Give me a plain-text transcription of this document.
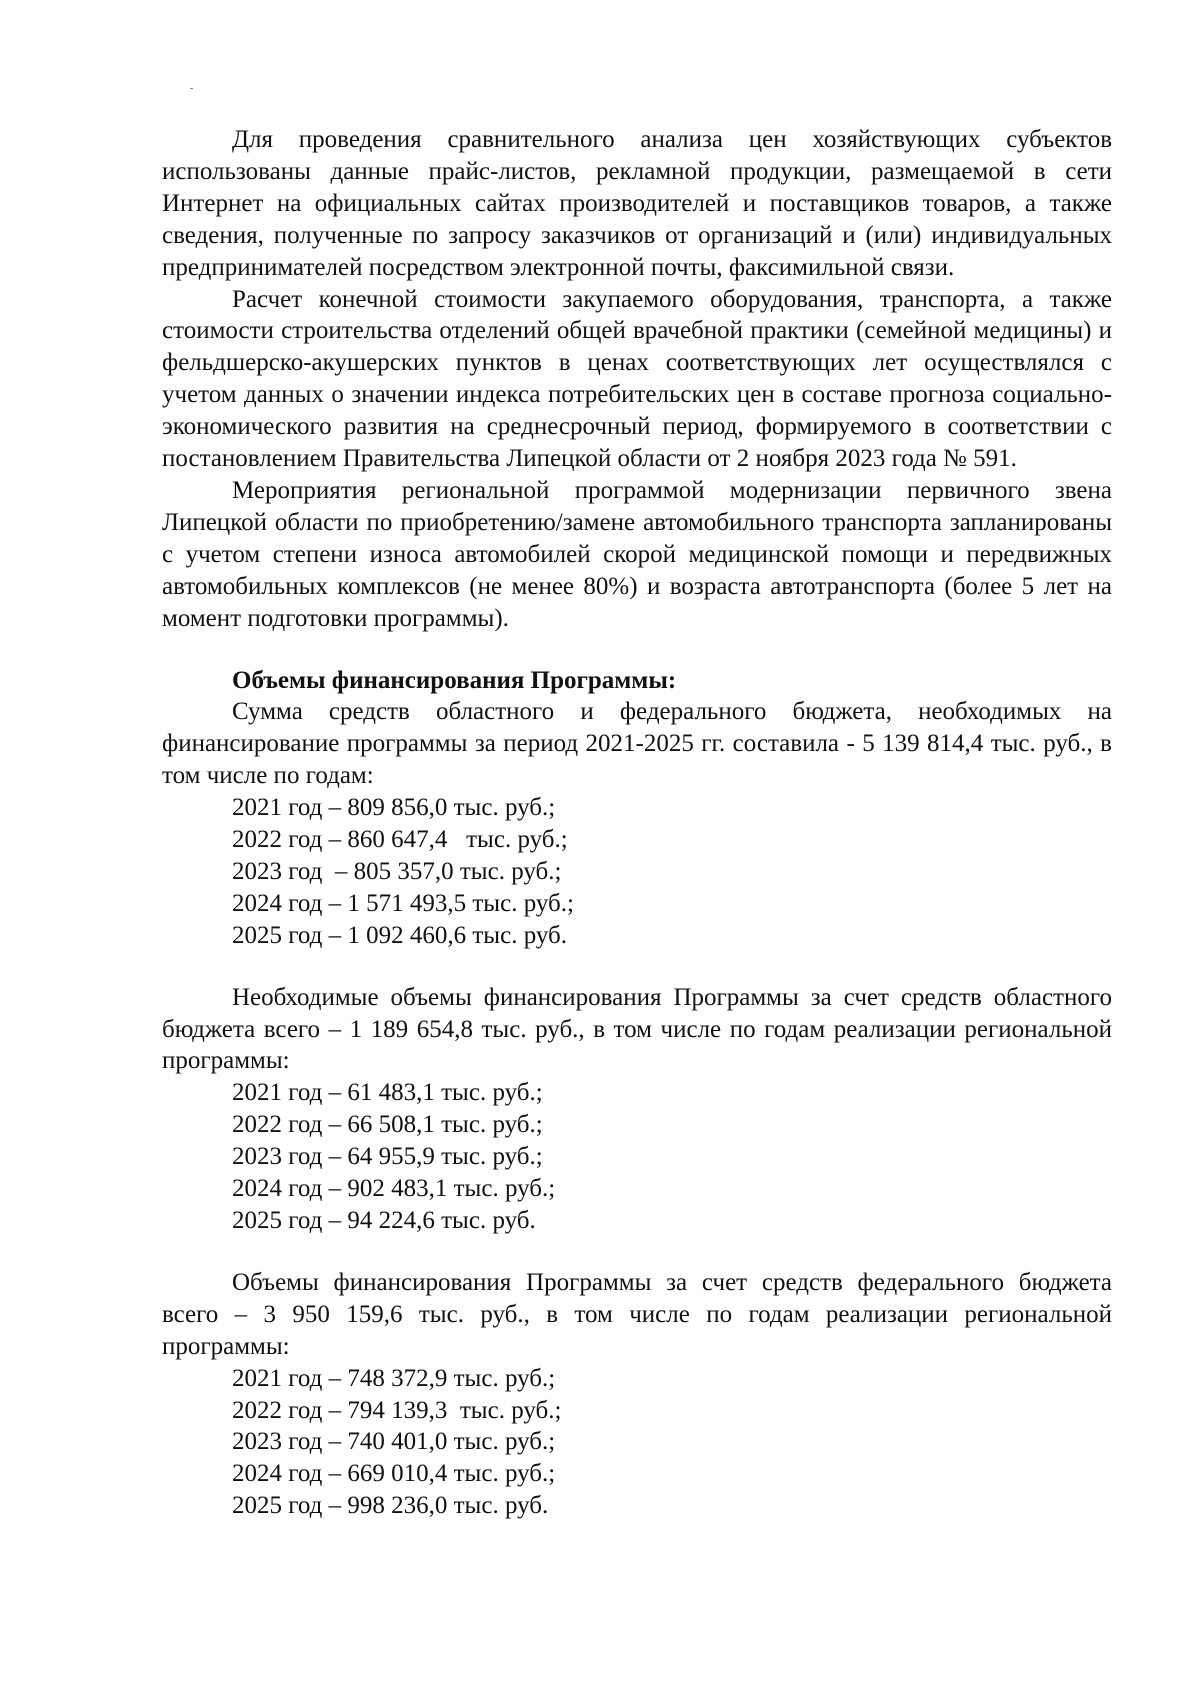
Для проведения сравнительного анализа цен хозяйствующих субъектов использованы данные прайс-листов, рекламной продукции, размещаемой в сети Интернет на официальных сайтах производителей и поставщиков товаров, а также сведения, полученные по запросу заказчиков от организаций и (или) индивидуальных предпринимателей посредством электронной почты, факсимильной связи.

Расчет конечной стоимости закупаемого оборудования, транспорта, а также стоимости строительства отделений общей врачебной практики (семейной медицины) и фельдшерско-акушерских пунктов в ценах соответствующих лет осуществлялся с учетом данных о значении индекса потребительских цен в составе прогноза социально-экономического развития на среднесрочный период, формируемого в соответствии с постановлением Правительства Липецкой области от 2 ноября 2023 года № 591.

Мероприятия региональной программой модернизации первичного звена Липецкой области по приобретению/замене автомобильного транспорта запланированы с учетом степени износа автомобилей скорой медицинской помощи и передвижных автомобильных комплексов (не менее 80%) и возраста автотранспорта (более 5 лет на момент подготовки программы).

Объемы финансирования Программы:

Сумма средств областного и федерального бюджета, необходимых на финансирование программы за период 2021-2025 гг. составила - 5 139 814,4 тыс. руб., в том числе по годам:

2021 год – 809 856,0 тыс. руб.;
2022 год – 860 647,4   тыс. руб.;
2023 год  – 805 357,0 тыс. руб.;
2024 год – 1 571 493,5 тыс. руб.;
2025 год – 1 092 460,6 тыс. руб.

Необходимые объемы финансирования Программы за счет средств областного бюджета всего – 1 189 654,8 тыс. руб., в том числе по годам реализации региональной программы:

2021 год – 61 483,1 тыс. руб.;
2022 год – 66 508,1 тыс. руб.;
2023 год – 64 955,9 тыс. руб.;
2024 год – 902 483,1 тыс. руб.;
2025 год – 94 224,6 тыс. руб.

Объемы финансирования Программы за счет средств федерального бюджета всего – 3 950 159,6 тыс. руб., в том числе по годам реализации региональной программы:

2021 год – 748 372,9 тыс. руб.;
2022 год – 794 139,3  тыс. руб.;
2023 год – 740 401,0 тыс. руб.;
2024 год – 669 010,4 тыс. руб.;
2025 год – 998 236,0 тыс. руб.
